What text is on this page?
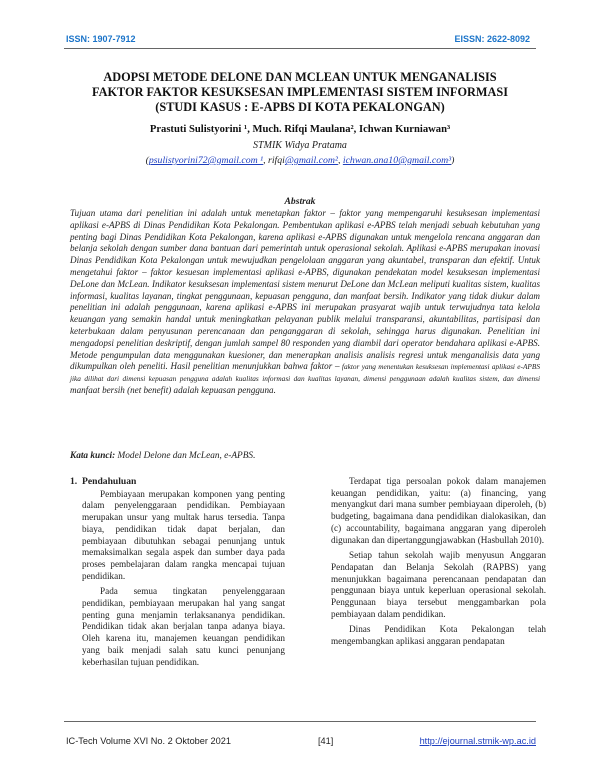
ISSN: 1907-7912	EISSN: 2622-8092
ADOPSI METODE DELONE DAN MCLEAN UNTUK MENGANALISIS
FAKTOR FAKTOR KESUKSESAN IMPLEMENTASI SISTEM INFORMASI
(STUDI KASUS : E-APBS DI KOTA PEKALONGAN)
Prastuti Sulistyorini ¹, Much. Rifqi Maulana², Ichwan Kurniawan³
STMIK Widya Pratama
(psulistyorini72@gmail.com ¹, rifqi@gmail.com², ichwan.ana10@gmail.com³)
Abstrak

Tujuan utama dari penelitian ini adalah untuk menetapkan faktor – faktor yang mempengaruhi kesuksesan implementasi aplikasi e-APBS di Dinas Pendidikan Kota Pekalongan. Pembentukan aplikasi e-APBS telah menjadi sebuah kebutuhan yang penting bagi Dinas Pendidikan Kota Pekalongan, karena aplikasi e-APBS digunakan untuk mengelola rencana anggaran dan belanja sekolah dengan sumber dana bantuan dari pemerintah untuk operasional sekolah. Aplikasi e-APBS merupakan inovasi Dinas Pendidikan Kota Pekalongan untuk mewujudkan pengelolaan anggaran yang akuntabel, transparan dan efektif. Untuk mengetahui faktor – faktor kesuesan implementasi aplikasi e-APBS, digunakan pendekatan model kesuksesan implementasi DeLone dan McLean. Indikator kesuksesan implementasi sistem menurut DeLone dan McLean meliputi kualitas sistem, kualitas informasi, kualitas layanan, tingkat penggunaan, kepuasan pengguna, dan manfaat bersih. Indikator yang tidak diukur dalam penelitian ini adalah penggunaan, karena aplikasi e-APBS ini merupakan prasyarat wajib untuk terwujudnya tata kelola keuangan yang semakin handal untuk meningkatkan pelayanan publik melalui transparansi, akuntabilitas, partisipasi dan keterbukaan dalam penyusunan perencanaan dan penganggaran di sekolah, sehingga harus digunakan. Penelitian ini mengadopsi penelitian deskriptif, dengan jumlah sampel 80 responden yang diambil dari operator bendahara aplikasi e-APBS. Metode pengumpulan data menggunakan kuesioner, dan menerapkan analisis analisis regresi untuk menganalisis data yang dikumpulkan oleh peneliti. Hasil penelitian menunjukkan bahwa faktor – faktor yang menentukan kesuksesan implementasi aplikasi e-APBS jika dilihat dari dimensi kepuasan pengguna adalah kualitas informasi dan kualitas layanan, dimensi penggunaan adalah kualitas sistem, dan dimensi manfaat bersih (net benefit) adalah kepuasan pengguna.

Kata kunci: Model Delone dan McLean, e-APBS.
1. Pendahuluan

Pembiayaan merupakan komponen yang penting dalam penyelenggaraan pendidikan. Pembiayaan merupakan unsur yang multak harus tersedia. Tanpa biaya, pendidikan tidak dapat berjalan, dan pembiayaan dibutuhkan sebagai penunjang untuk memaksimalkan segala aspek dan sumber daya pada proses pembelajaran dalam rangka mencapai tujuan pendidikan.

Pada semua tingkatan penyelenggaraan pendidikan, pembiayaan merupakan hal yang sangat penting guna menjamin terlaksananya pendidikan. Pendidikan tidak akan berjalan tanpa adanya biaya. Oleh karena itu, manajemen keuangan pendidikan yang baik menjadi salah satu kunci penunjang keberhasilan tujuan pendidikan.

Terdapat tiga persoalan pokok dalam manajemen keuangan pendidikan, yaitu: (a) financing, yang menyangkut dari mana sumber pembiayaan diperoleh, (b) budgeting, bagaimana dana pendidikan dialokasikan, dan (c) accountability, bagaimana anggaran yang diperoleh digunakan dan dipertanggungjawabkan (Hasbullah 2010).

Setiap tahun sekolah wajib menyusun Anggaran Pendapatan dan Belanja Sekolah (RAPBS) yang menunjukkan bagaimana perencanaan pendapatan dan penggunaan biaya untuk keperluan operasional sekolah. Penggunaan biaya tersebut menggambarkan pola pembiayaan dalam pendidikan.

Dinas Pendidikan Kota Pekalongan telah mengembangkan aplikasi anggaran pendapatan

IC-Tech Volume XVI No. 2 Oktober 2021	[41]	http://ejournal.stmik-wp.ac.id
